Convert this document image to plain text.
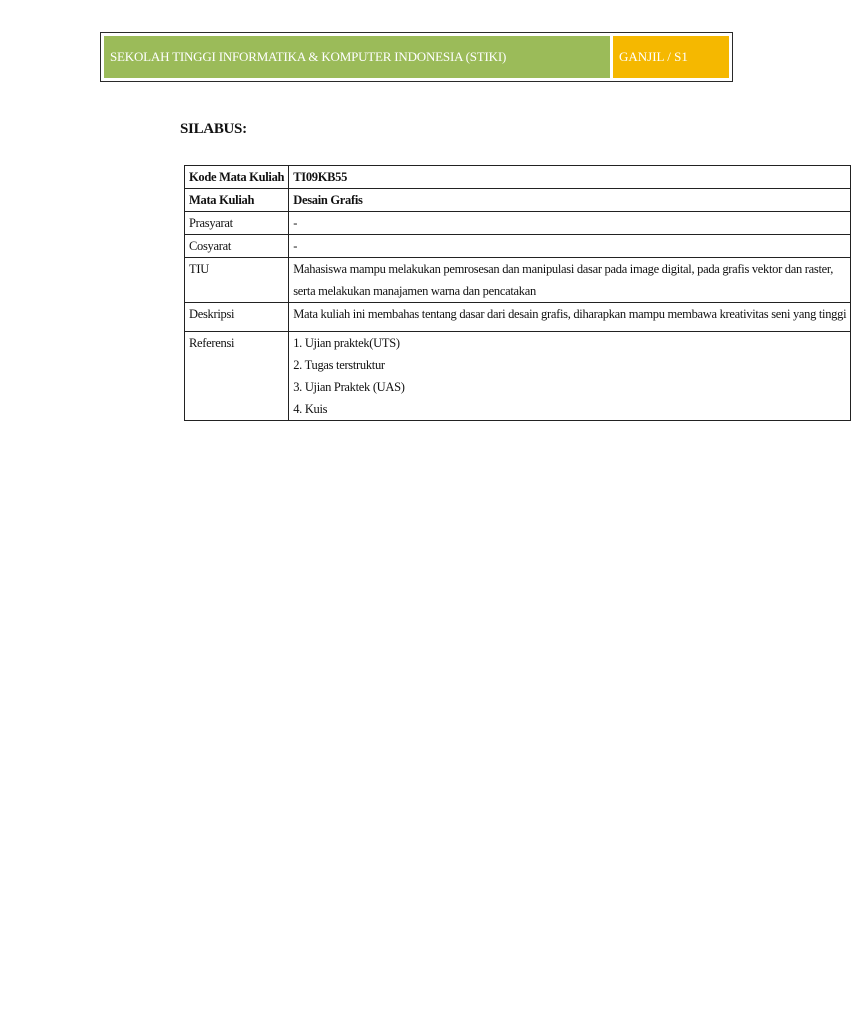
SEKOLAH TINGGI INFORMATIKA & KOMPUTER INDONESIA (STIKI)	GANJIL / S1
SILABUS:
Kode Mata Kuliah	TI09KB55
Mata Kuliah	Desain Grafis
Prasyarat	-
Cosyarat	-
TIU	Mahasiswa mampu melakukan pemrosesan dan manipulasi dasar pada image digital, pada grafis vektor dan raster,
serta melakukan manajamen warna dan pencatakan

Deskripsi	Mata kuliah ini membahas tentang dasar dari desain grafis, diharapkan mampu membawa kreativitas seni yang tinggi
Referensi	1. Ujian praktek(UTS)
2. Tugas terstruktur
3. Ujian Praktek (UAS)
4. Kuis
